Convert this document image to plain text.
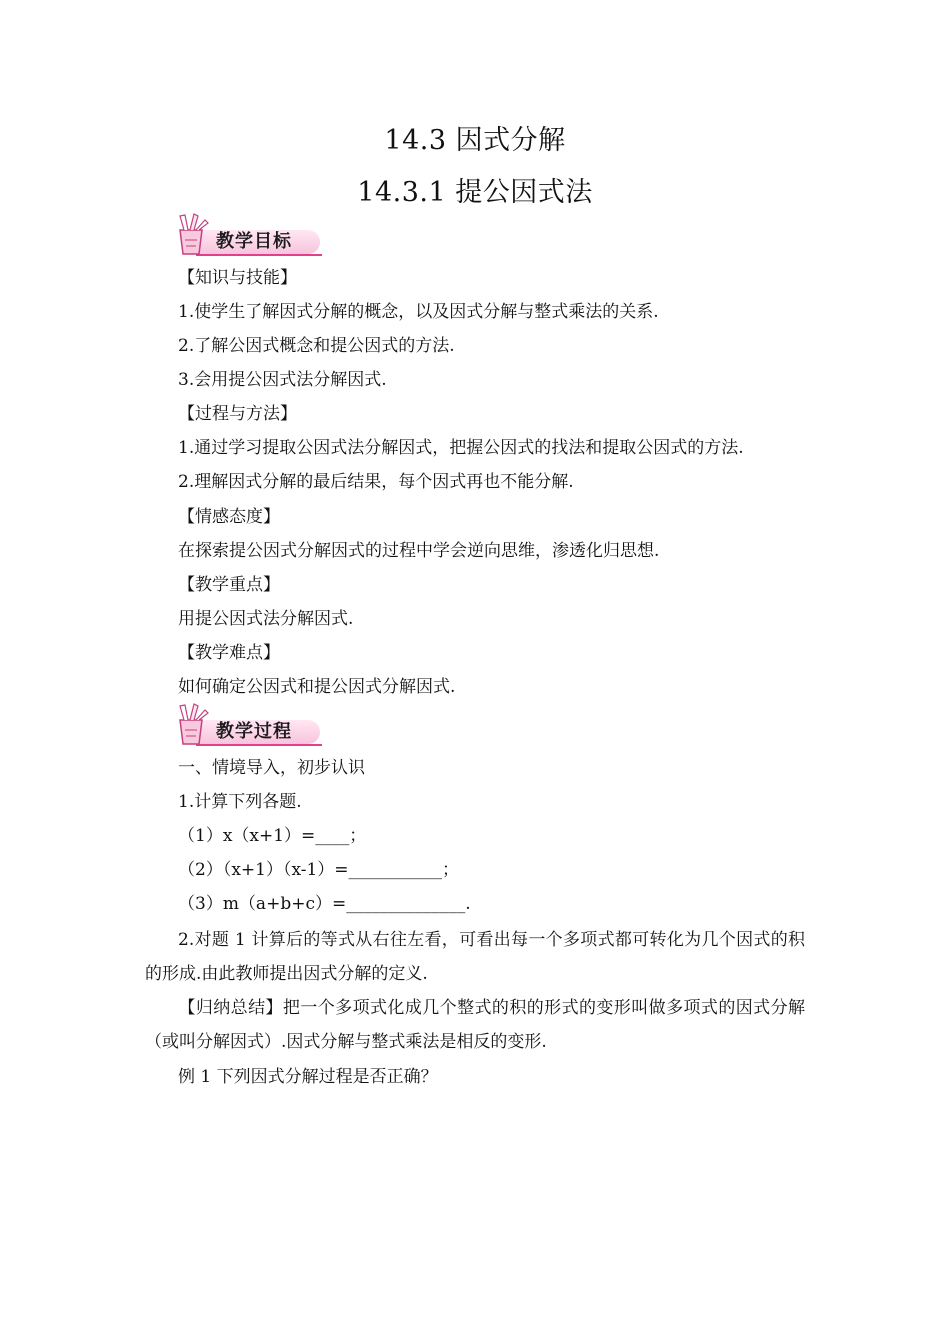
14.3 因式分解
14.3.1 提公因式法
教学目标
【知识与技能】
1.使学生了解因式分解的概念，以及因式分解与整式乘法的关系.
2.了解公因式概念和提公因式的方法.
3.会用提公因式法分解因式.
【过程与方法】
1.通过学习提取公因式法分解因式，把握公因式的找法和提取公因式的方法.
2.理解因式分解的最后结果，每个因式再也不能分解.
【情感态度】
在探索提公因式分解因式的过程中学会逆向思维，渗透化归思想.
【教学重点】
用提公因式法分解因式.
【教学难点】
如何确定公因式和提公因式分解因式.
教学过程
一、情境导入，初步认识
1.计算下列各题.
（1）x（x+1）=____；
（2）（x+1）（x-1）=___________；
（3）m（a+b+c）=______________.
2.对题 1 计算后的等式从右往左看，可看出每一个多项式都可转化为几个因式的积的形成.由此教师提出因式分解的定义.
【归纳总结】把一个多项式化成几个整式的积的形式的变形叫做多项式的因式分解（或叫分解因式）.因式分解与整式乘法是相反的变形.
例 1 下列因式分解过程是否正确？
